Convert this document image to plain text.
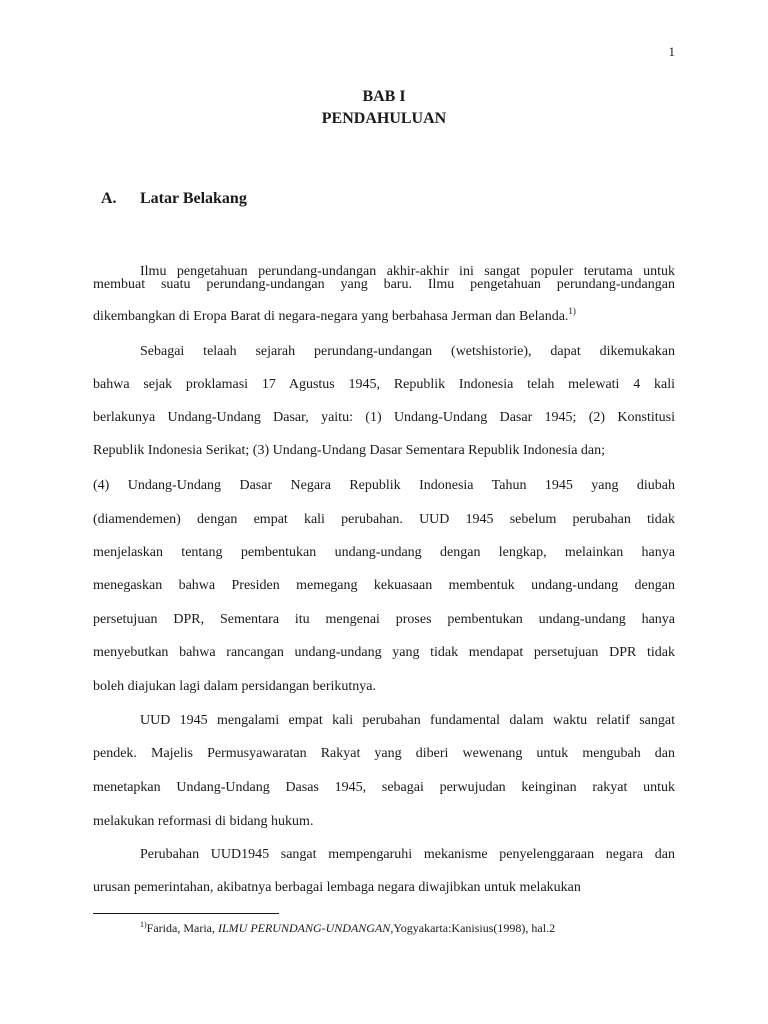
1
BAB I
PENDAHULUAN
A. Latar Belakang
Ilmu pengetahuan perundang-undangan akhir-akhir ini sangat populer terutama untuk
membuat suatu perundang-undangan yang baru. Ilmu pengetahuan perundang-undangan
dikembangkan di Eropa Barat di negara-negara yang berbahasa Jerman dan Belanda.$^{1)}$
Sebagai telaah sejarah perundang-undangan (wetshistorie), dapat dikemukakan
bahwa sejak proklamasi 17 Agustus 1945, Republik Indonesia telah melewati 4 kali
berlakunya Undang-Undang Dasar, yaitu: (1) Undang-Undang Dasar 1945; (2) Konstitusi
Republik Indonesia Serikat; (3) Undang-Undang Dasar Sementara Republik Indonesia dan;
(4) Undang-Undang Dasar Negara Republik Indonesia Tahun 1945 yang diubah
(diamendemen) dengan empat kali perubahan. UUD 1945 sebelum perubahan tidak
menjelaskan tentang pembentukan undang-undang dengan lengkap, melainkan hanya
menegaskan bahwa Presiden memegang kekuasaan membentuk undang-undang dengan
persetujuan DPR, Sementara itu mengenai proses pembentukan undang-undang hanya
menyebutkan bahwa rancangan undang-undang yang tidak mendapat persetujuan DPR tidak
boleh diajukan lagi dalam persidangan berikutnya.
UUD 1945 mengalami empat kali perubahan fundamental dalam waktu relatif sangat
pendek. Majelis Permusyawaratan Rakyat yang diberi wewenang untuk mengubah dan
menetapkan Undang-Undang Dasas 1945, sebagai perwujudan keinginan rakyat untuk
melakukan reformasi di bidang hukum.
Perubahan UUD1945 sangat mempengaruhi mekanisme penyelenggaraan negara dan
urusan pemerintahan, akibatnya berbagai lembaga negara diwajibkan untuk melakukan
$^{1)}$Farida, Maria, ILMU PERUNDANG-UNDANGAN,Yogyakarta:Kanisius(1998), hal.2
